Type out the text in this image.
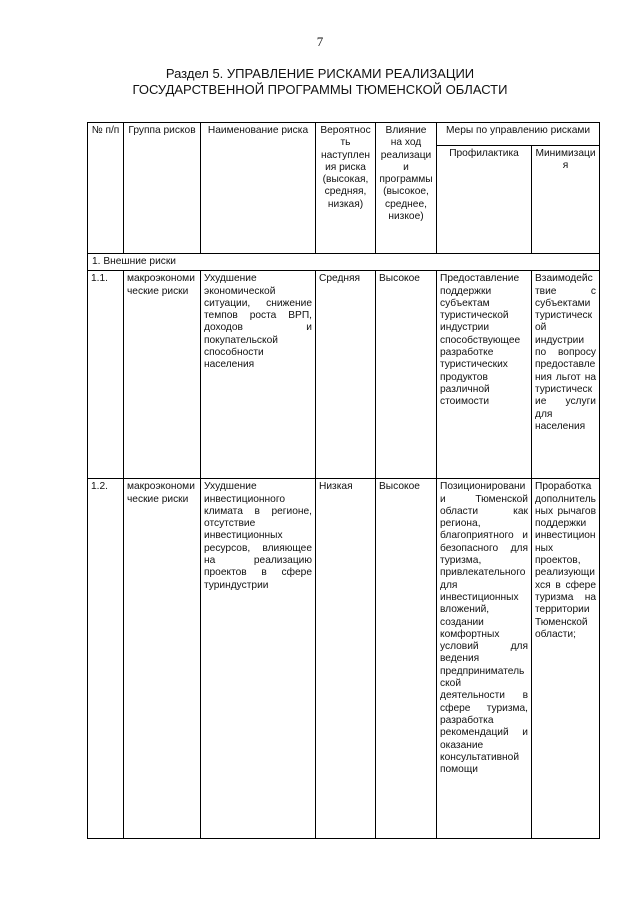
7
Раздел 5. УПРАВЛЕНИЕ РИСКАМИ РЕАЛИЗАЦИИ
ГОСУДАРСТВЕННОЙ ПРОГРАММЫ ТЮМЕНСКОЙ ОБЛАСТИ
№ п/п	Группа рисков	Наименование риска	Вероятность наступления риска (высокая, средняя, низкая)	Влияние на ход реализации программы (высокое, среднее, низкое)	Меры по управлению рисками	
					Профилактика	Минимизация
1. Внешние риски						
1.1.	макроэкономические риски	Ухудшение экономической ситуации, снижение темпов роста ВРП, доходов и покупательской способности населения	Средняя	Высокое	Предоставление поддержки субъектам туристической индустрии способствующее разработке туристических продуктов различной стоимости	Взаимодействие с субъектами туристической индустрии по вопросу предоставления льгот на туристические услуги для населения
1.2.	макроэкономические риски	Ухудшение инвестиционного климата в регионе, отсутствие инвестиционных ресурсов, влияющее на реализацию проектов в сфере туриндустрии	Низкая	Высокое	Позиционировании Тюменской области как региона, благоприятного и безопасного для туризма, привлекательного для инвестиционных вложений, создании комфортных условий для ведения предпринимательской деятельности в сфере туризма, разработка рекомендаций и оказание консультативной помощи	Проработка дополнительных рычагов поддержки инвестиционных проектов, реализующихся в сфере туризма на территории Тюменской области;
